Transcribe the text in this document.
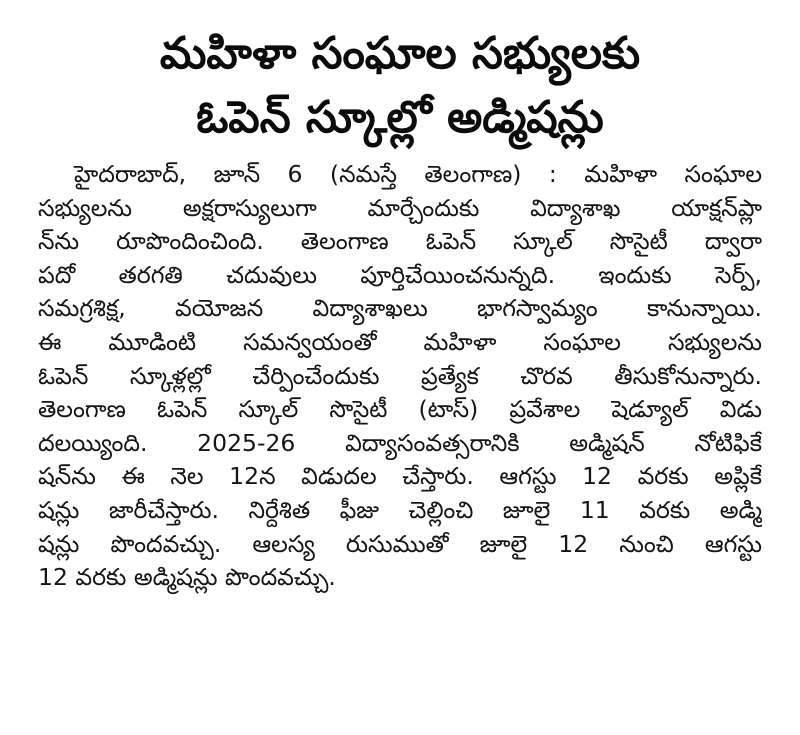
మహిళా సంఘాల సభ్యులకు
ఓపెన్ స్కూల్లో అడ్మిషన్లు
హైదరాబాద్, జూన్ 6 (నమస్తే తెలంగాణ) : మహిళా సంఘాల
సభ్యులను అక్షరాస్యులుగా మార్చేందుకు విద్యాశాఖ యాక్షన్‌ప్లా
న్‌ను రూపొందించింది. తెలంగాణ ఓపెన్ స్కూల్ సొసైటీ ద్వారా
పదో తరగతి చదువులు పూర్తిచేయించనున్నది. ఇందుకు సెర్ప్,
సమగ్రశిక్ష, వయోజన విద్యాశాఖలు భాగస్వామ్యం కానున్నాయి.
ఈ మూడింటి సమన్వయంతో మహిళా సంఘాల సభ్యులను
ఓపెన్ స్కూళ్లల్లో చేర్పించేందుకు ప్రత్యేక చొరవ తీసుకోనున్నారు.
తెలంగాణ ఓపెన్ స్కూల్ సొసైటీ (టాస్) ప్రవేశాల షెడ్యూల్ విడు
దలయ్యింది. 2025-26 విద్యాసంవత్సరానికి అడ్మిషన్ నోటిఫికే
షన్‌ను ఈ నెల 12న విడుదల చేస్తారు. ఆగస్టు 12 వరకు అప్లికే
షన్లు జారీచేస్తారు. నిర్దేశిత ఫీజు చెల్లించి జూలై 11 వరకు అడ్మి
షన్లు పొందవచ్చు. ఆలస్య రుసుముతో జూలై 12 నుంచి ఆగస్టు
12 వరకు అడ్మిషన్లు పొందవచ్చు.
